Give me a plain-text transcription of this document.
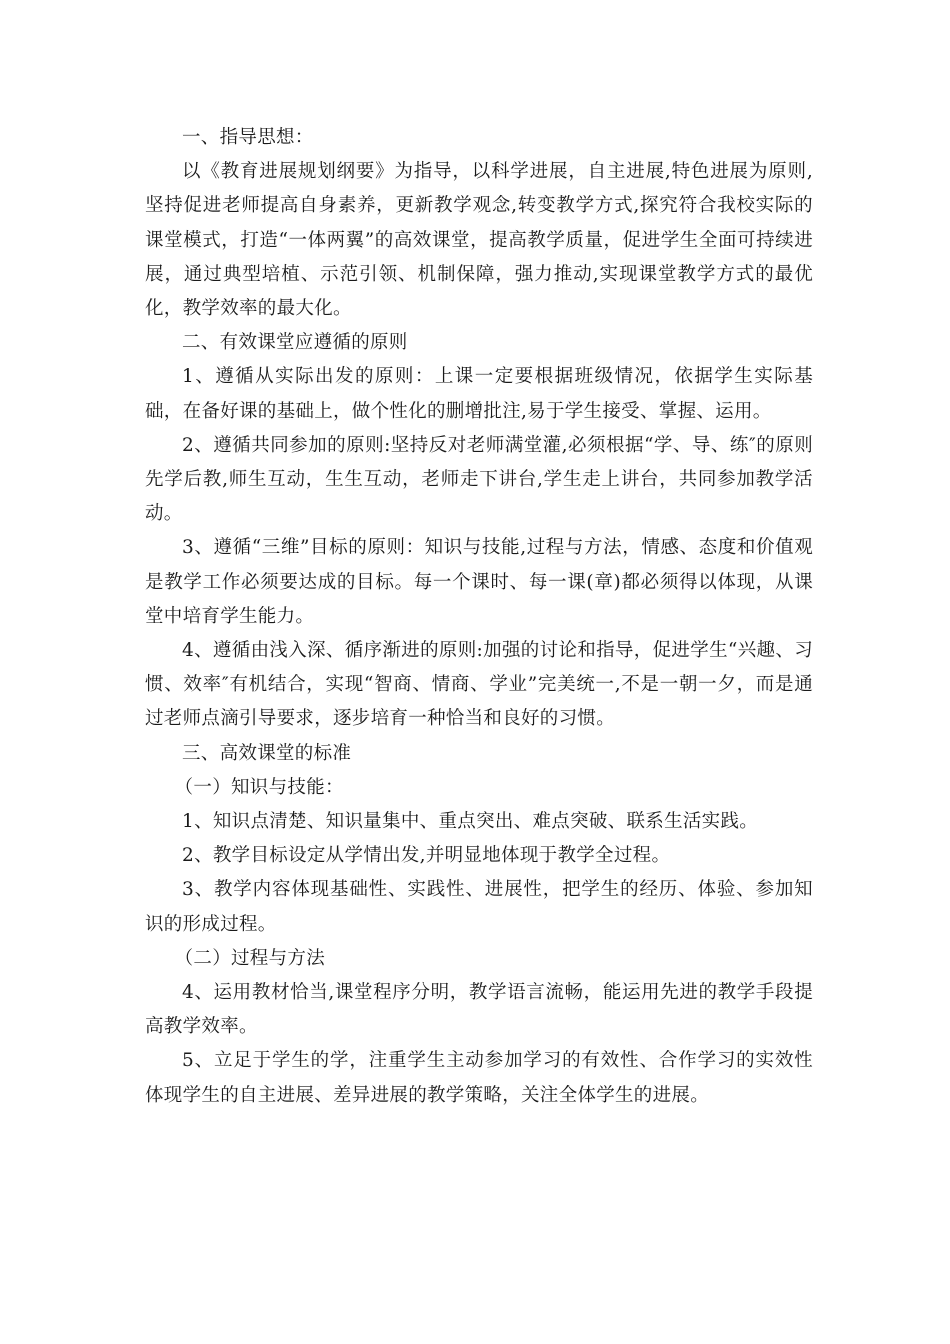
一、指导思想：

以《教育进展规划纲要》为指导，以科学进展，自主进展,特色进展为原则,坚持促进老师提高自身素养，更新教学观念,转变教学方式,探究符合我校实际的课堂模式，打造“一体两翼”的高效课堂，提高教学质量，促进学生全面可持续进展，通过典型培植、示范引领、机制保障，强力推动,实现课堂教学方式的最优化，教学效率的最大化。

二、有效课堂应遵循的原则

1、遵循从实际出发的原则：上课一定要根据班级情况，依据学生实际基础，在备好课的基础上，做个性化的删增批注,易于学生接受、掌握、运用。

2、遵循共同参加的原则:坚持反对老师满堂灌,必须根据“学、导、练″的原则先学后教,师生互动，生生互动，老师走下讲台,学生走上讲台，共同参加教学活动。

3、遵循“三维”目标的原则：知识与技能,过程与方法，情感、态度和价值观是教学工作必须要达成的目标。每一个课时、每一课(章)都必须得以体现，从课堂中培育学生能力。

4、遵循由浅入深、循序渐进的原则:加强的讨论和指导，促进学生“兴趣、习惯、效率″有机结合，实现“智商、情商、学业”完美统一,不是一朝一夕，而是通过老师点滴引导要求，逐步培育一种恰当和良好的习惯。

三、高效课堂的标准

（一）知识与技能：

1、知识点清楚、知识量集中、重点突出、难点突破、联系生活实践。

2、教学目标设定从学情出发,并明显地体现于教学全过程。

3、教学内容体现基础性、实践性、进展性，把学生的经历、体验、参加知识的形成过程。

（二）过程与方法

4、运用教材恰当,课堂程序分明，教学语言流畅，能运用先进的教学手段提高教学效率。

5、立足于学生的学，注重学生主动参加学习的有效性、合作学习的实效性体现学生的自主进展、差异进展的教学策略，关注全体学生的进展。
